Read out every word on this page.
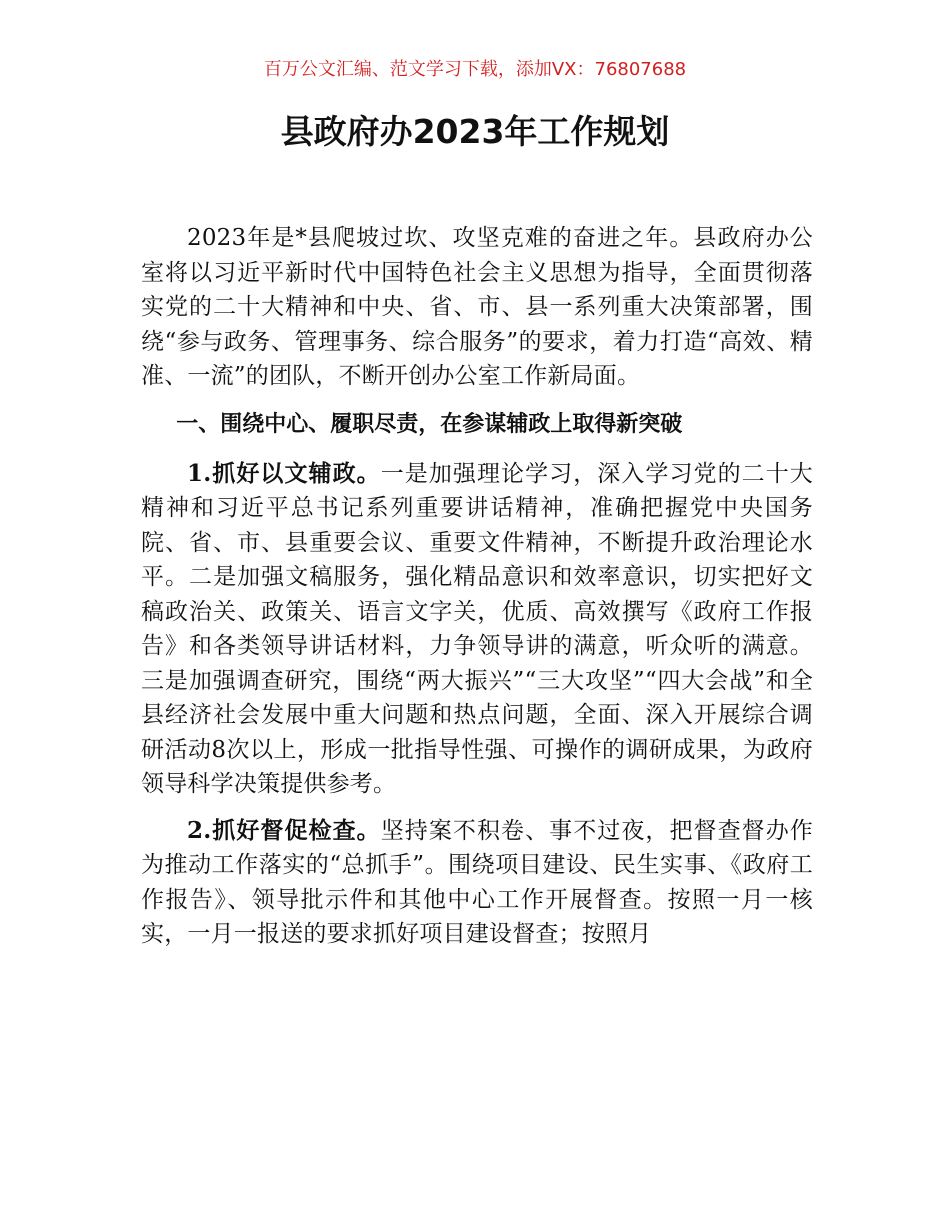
百万公文汇编、范文学习下载，添加VX：76807688
县政府办2023年工作规划

2023年是*县爬坡过坎、攻坚克难的奋进之年。县政府办公室将以习近平新时代中国特色社会主义思想为指导，全面贯彻落实党的二十大精神和中央、省、市、县一系列重大决策部署，围绕“参与政务、管理事务、综合服务”的要求，着力打造“高效、精准、一流”的团队，不断开创办公室工作新局面。

一、围绕中心、履职尽责，在参谋辅政上取得新突破

1.抓好以文辅政。一是加强理论学习，深入学习党的二十大精神和习近平总书记系列重要讲话精神，准确把握党中央国务院、省、市、县重要会议、重要文件精神，不断提升政治理论水平。二是加强文稿服务，强化精品意识和效率意识，切实把好文稿政治关、政策关、语言文字关，优质、高效撰写《政府工作报告》和各类领导讲话材料，力争领导讲的满意，听众听的满意。三是加强调查研究，围绕“两大振兴”“三大攻坚”“四大会战”和全县经济社会发展中重大问题和热点问题，全面、深入开展综合调研活动8次以上，形成一批指导性强、可操作的调研成果，为政府领导科学决策提供参考。

2.抓好督促检查。坚持案不积卷、事不过夜，把督查督办作为推动工作落实的“总抓手”。围绕项目建设、民生实事、《政府工作报告》、领导批示件和其他中心工作开展督查。按照一月一核实，一月一报送的要求抓好项目建设督查；按照月
